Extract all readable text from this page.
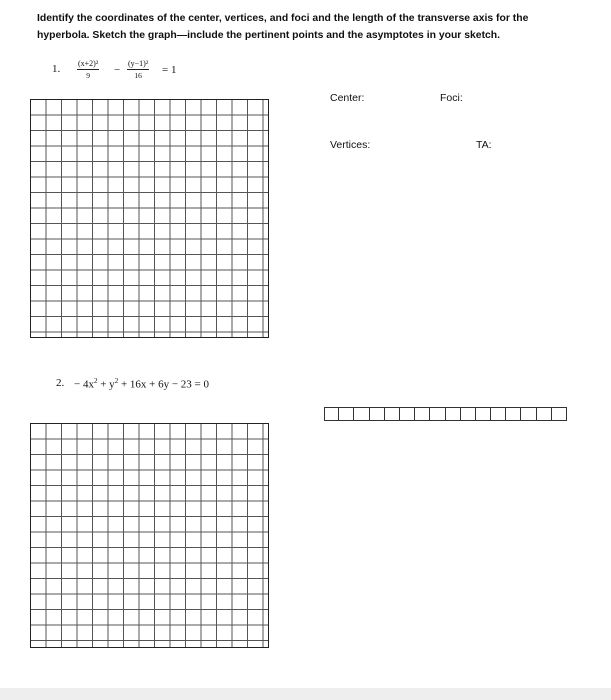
Identify the coordinates of the center, vertices, and foci and the length of the transverse axis for the hyperbola. Sketch the graph—include the pertinent points and the asymptotes in your sketch.
1. $\frac{\text{(x+2)²}}{9} - \frac{\text{(y−1)²}}{16} = 1$
Center:	Foci:
Vertices:	TA:
2. − $4x^2 + y^2 + 16x + 6y - 23 = 0$
